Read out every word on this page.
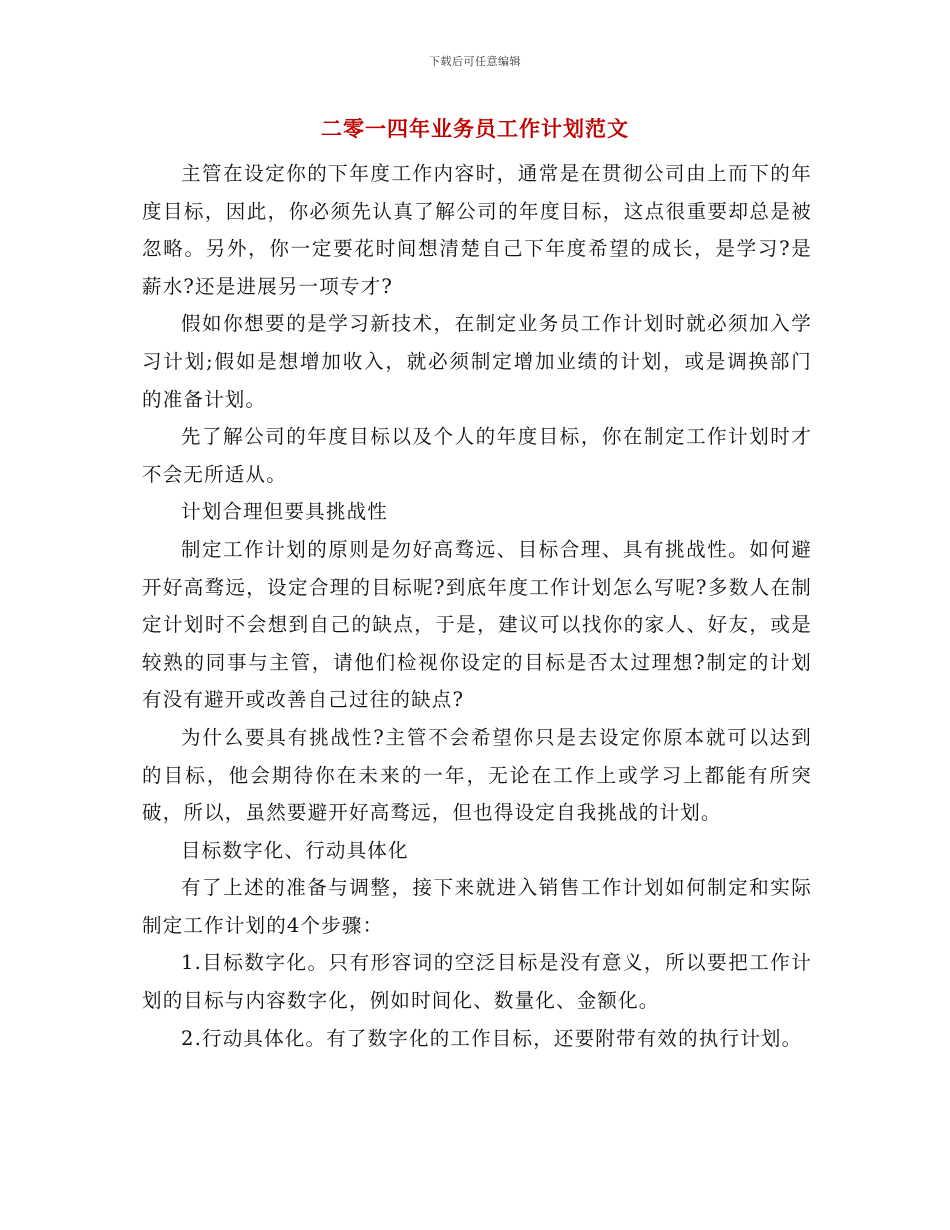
下载后可任意编辑
二零一四年业务员工作计划范文

主管在设定你的下年度工作内容时，通常是在贯彻公司由上而下的年度目标，因此，你必须先认真了解公司的年度目标，这点很重要却总是被忽略。另外，你一定要花时间想清楚自己下年度希望的成长，是学习?是薪水?还是进展另一项专才?

假如你想要的是学习新技术，在制定业务员工作计划时就必须加入学习计划;假如是想增加收入，就必须制定增加业绩的计划，或是调换部门的准备计划。

先了解公司的年度目标以及个人的年度目标，你在制定工作计划时才不会无所适从。

计划合理但要具挑战性

制定工作计划的原则是勿好高骛远、目标合理、具有挑战性。如何避开好高骛远，设定合理的目标呢?到底年度工作计划怎么写呢?多数人在制定计划时不会想到自己的缺点，于是，建议可以找你的家人、好友，或是较熟的同事与主管，请他们检视你设定的目标是否太过理想?制定的计划有没有避开或改善自己过往的缺点?

为什么要具有挑战性?主管不会希望你只是去设定你原本就可以达到的目标，他会期待你在未来的一年，无论在工作上或学习上都能有所突破，所以，虽然要避开好高骛远，但也得设定自我挑战的计划。

目标数字化、行动具体化

有了上述的准备与调整，接下来就进入销售工作计划如何制定和实际制定工作计划的4个步骤：

1.目标数字化。只有形容词的空泛目标是没有意义，所以要把工作计划的目标与内容数字化，例如时间化、数量化、金额化。

2.行动具体化。有了数字化的工作目标，还要附带有效的执行计划。
